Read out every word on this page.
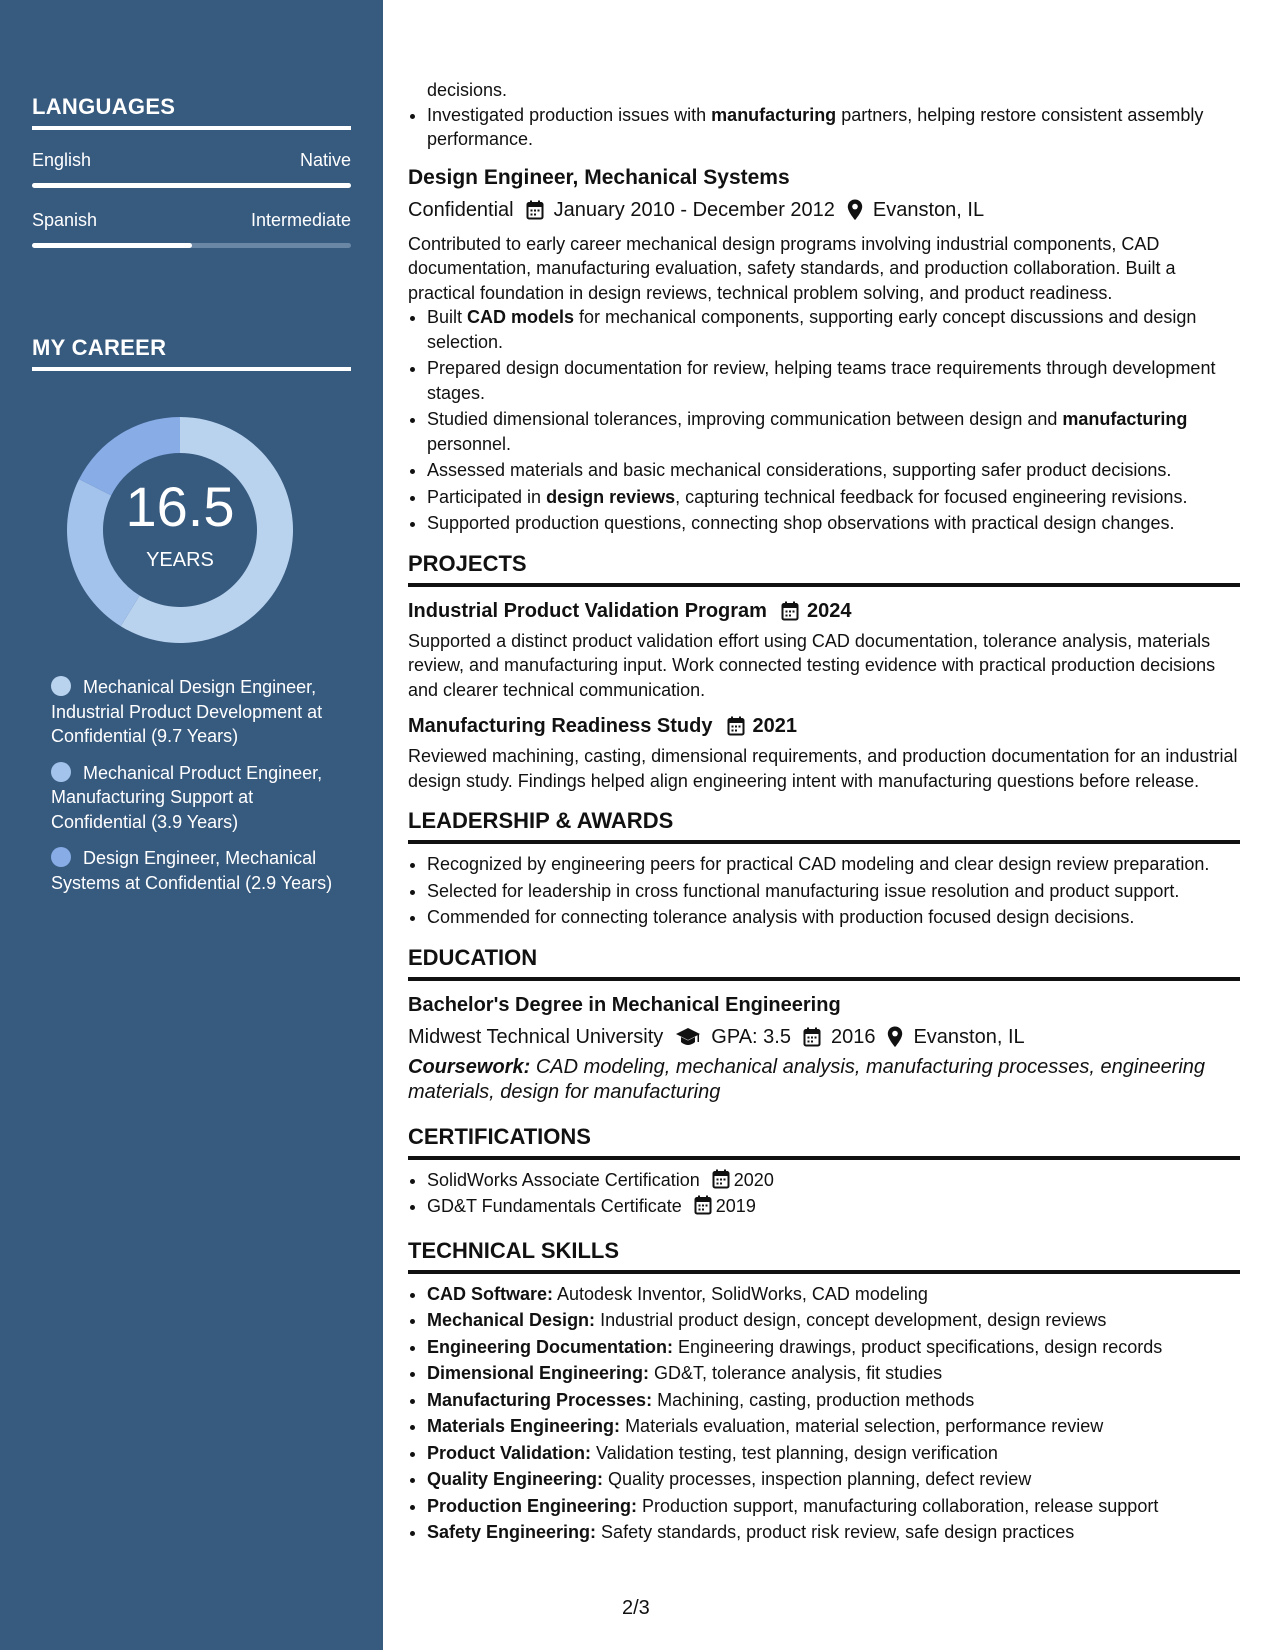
LANGUAGES
English	Native
Spanish	Intermediate
MY CAREER
16.5
YEARS
Mechanical Design Engineer, Industrial Product Development at Confidential (9.7 Years)
Mechanical Product Engineer, Manufacturing Support at Confidential (3.9 Years)
Design Engineer, Mechanical Systems at Confidential (2.9 Years)
decisions.
• Investigated production issues with manufacturing partners, helping restore consistent assembly performance.
Design Engineer, Mechanical Systems
Confidential January 2010 - December 2012 Evanston, IL
Contributed to early career mechanical design programs involving industrial components, CAD documentation, manufacturing evaluation, safety standards, and production collaboration. Built a practical foundation in design reviews, technical problem solving, and product readiness.
• Built CAD models for mechanical components, supporting early concept discussions and design selection.
• Prepared design documentation for review, helping teams trace requirements through development stages.
• Studied dimensional tolerances, improving communication between design and manufacturing personnel.
• Assessed materials and basic mechanical considerations, supporting safer product decisions.
• Participated in design reviews, capturing technical feedback for focused engineering revisions.
• Supported production questions, connecting shop observations with practical design changes.
PROJECTS
Industrial Product Validation Program 2024
Supported a distinct product validation effort using CAD documentation, tolerance analysis, materials review, and manufacturing input. Work connected testing evidence with practical production decisions and clearer technical communication.
Manufacturing Readiness Study 2021
Reviewed machining, casting, dimensional requirements, and production documentation for an industrial design study. Findings helped align engineering intent with manufacturing questions before release.
LEADERSHIP & AWARDS
• Recognized by engineering peers for practical CAD modeling and clear design review preparation.
• Selected for leadership in cross functional manufacturing issue resolution and product support.
• Commended for connecting tolerance analysis with production focused design decisions.
EDUCATION
Bachelor's Degree in Mechanical Engineering
Midwest Technical University GPA: 3.5 2016 Evanston, IL
Coursework: CAD modeling, mechanical analysis, manufacturing processes, engineering materials, design for manufacturing
CERTIFICATIONS
• SolidWorks Associate Certification 2020
• GD&T Fundamentals Certificate 2019
TECHNICAL SKILLS
• CAD Software: Autodesk Inventor, SolidWorks, CAD modeling
• Mechanical Design: Industrial product design, concept development, design reviews
• Engineering Documentation: Engineering drawings, product specifications, design records
• Dimensional Engineering: GD&T, tolerance analysis, fit studies
• Manufacturing Processes: Machining, casting, production methods
• Materials Engineering: Materials evaluation, material selection, performance review
• Product Validation: Validation testing, test planning, design verification
• Quality Engineering: Quality processes, inspection planning, defect review
• Production Engineering: Production support, manufacturing collaboration, release support
• Safety Engineering: Safety standards, product risk review, safe design practices
2/3
